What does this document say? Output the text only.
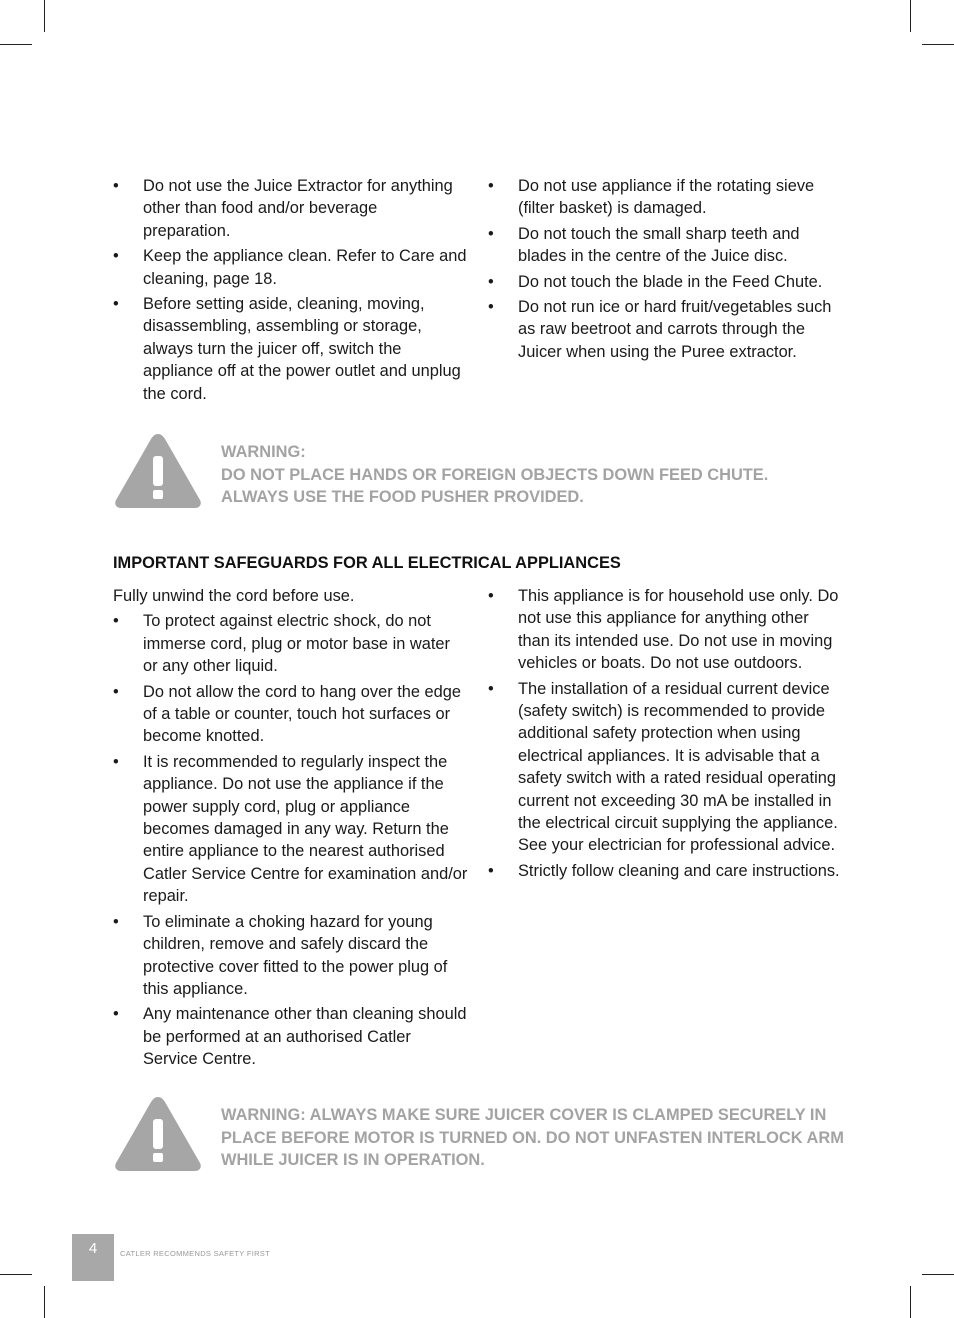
• Do not use the Juice Extractor for anything other than food and/or beverage preparation.
• Keep the appliance clean. Refer to Care and cleaning, page 18.
• Before setting aside, cleaning, moving, disassembling, assembling or storage, always turn the juicer off, switch the appliance off at the power outlet and unplug the cord.
• Do not use appliance if the rotating sieve (filter basket) is damaged.
• Do not touch the small sharp teeth and blades in the centre of the Juice disc.
• Do not touch the blade in the Feed Chute.
• Do not run ice or hard fruit/vegetables such as raw beetroot and carrots through the Juicer when using the Puree extractor.
WARNING:
DO NOT PLACE HANDS OR FOREIGN OBJECTS DOWN FEED CHUTE.
ALWAYS USE THE FOOD PUSHER PROVIDED.
IMPORTANT SAFEGUARDS FOR ALL ELECTRICAL APPLIANCES
Fully unwind the cord before use.
• To protect against electric shock, do not immerse cord, plug or motor base in water or any other liquid.
• Do not allow the cord to hang over the edge of a table or counter, touch hot surfaces or become knotted.
• It is recommended to regularly inspect the appliance. Do not use the appliance if the power supply cord, plug or appliance becomes damaged in any way. Return the entire appliance to the nearest authorised Catler Service Centre for examination and/or repair.
• To eliminate a choking hazard for young children, remove and safely discard the protective cover fitted to the power plug of this appliance.
• Any maintenance other than cleaning should be performed at an authorised Catler Service Centre.
• This appliance is for household use only. Do not use this appliance for anything other than its intended use. Do not use in moving vehicles or boats. Do not use outdoors.
• The installation of a residual current device (safety switch) is recommended to provide additional safety protection when using electrical appliances. It is advisable that a safety switch with a rated residual operating current not exceeding 30 mA be installed in the electrical circuit supplying the appliance. See your electrician for professional advice.
• Strictly follow cleaning and care instructions.
WARNING: ALWAYS MAKE SURE JUICER COVER IS CLAMPED SECURELY IN
PLACE BEFORE MOTOR IS TURNED ON. DO NOT UNFASTEN INTERLOCK ARM
WHILE JUICER IS IN OPERATION.
4	CATLER RECOMMENDS SAFETY FIRST
